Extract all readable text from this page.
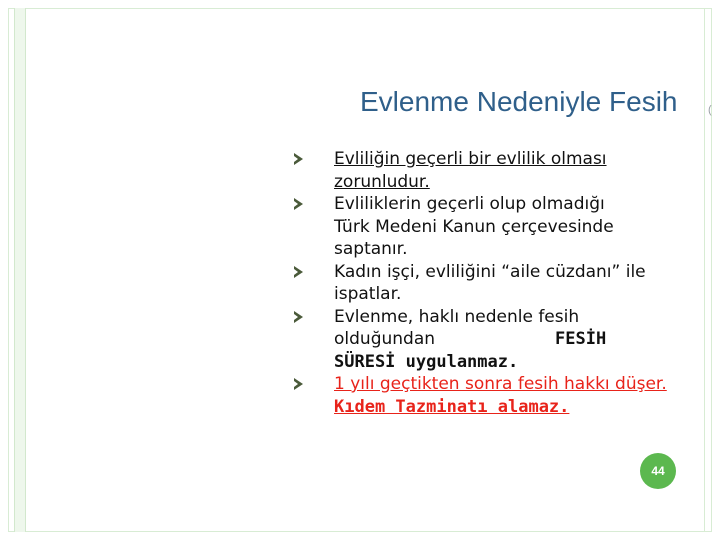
Evlenme Nedeniyle Fesih	(
Evliliğin geçerli bir evlilik olması
zorunludur.
Evliliklerin geçerli olup olmadığı
Türk Medeni Kanun çerçevesinde
saptanır.
Kadın işçi, evliliğini “aile cüzdanı” ile
ispatlar.
Evlenme, haklı nedenle fesih
olduğundan	FESİH
SÜRESİ uygulanmaz.
1 yılı geçtikten sonra fesih hakkı düşer.
Kıdem Tazminatı alamaz.
44
